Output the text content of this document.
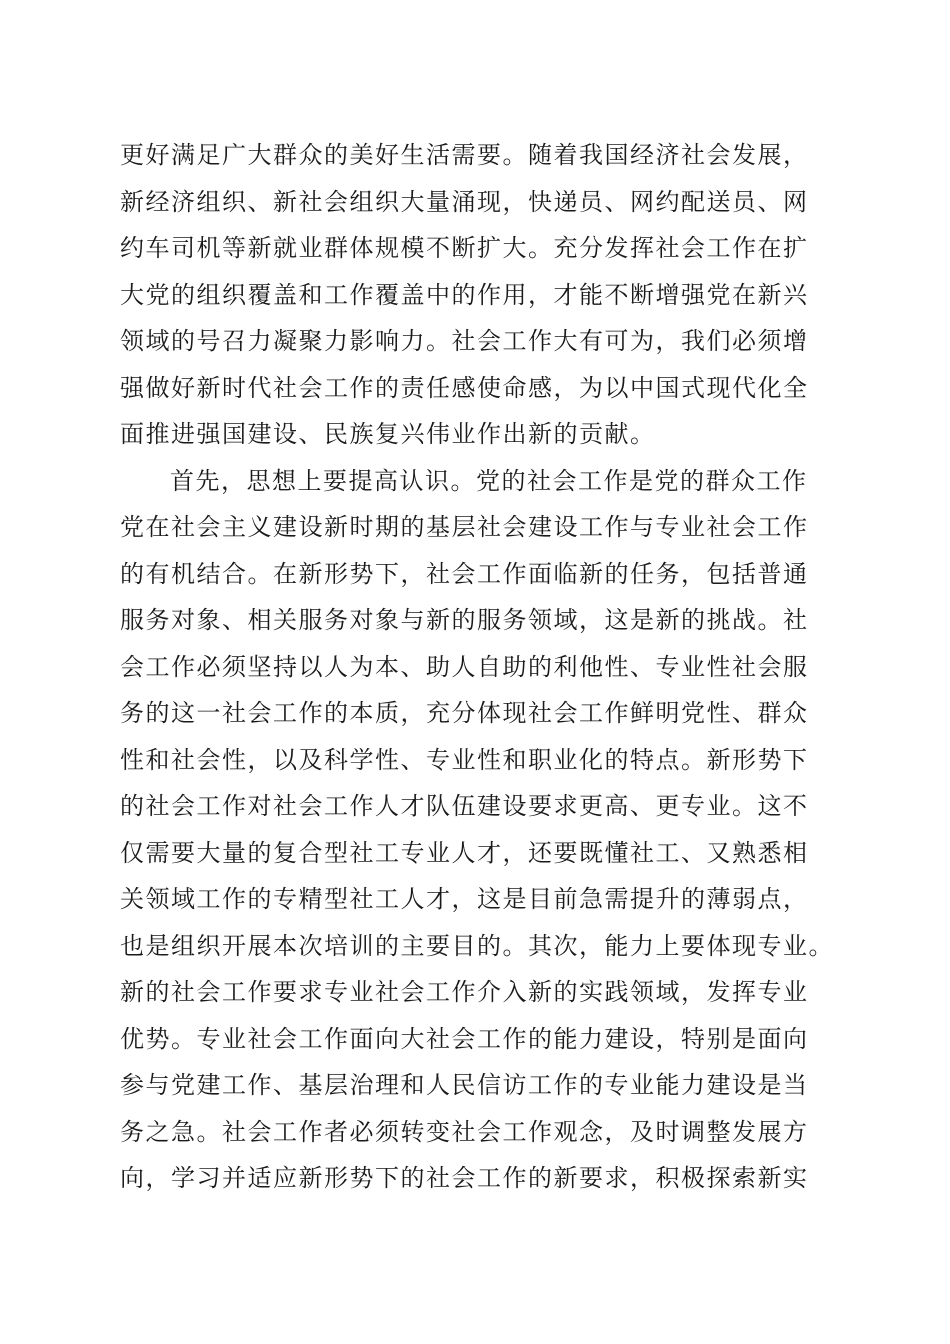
更好满足广大群众的美好生活需要。随着我国经济社会发展，
新经济组织、新社会组织大量涌现，快递员、网约配送员、网
约车司机等新就业群体规模不断扩大。充分发挥社会工作在扩
大党的组织覆盖和工作覆盖中的作用，才能不断增强党在新兴
领域的号召力凝聚力影响力。社会工作大有可为，我们必须增
强做好新时代社会工作的责任感使命感，为以中国式现代化全
面推进强国建设、民族复兴伟业作出新的贡献。
首先，思想上要提高认识。党的社会工作是党的群众工作
党在社会主义建设新时期的基层社会建设工作与专业社会工作
的有机结合。在新形势下，社会工作面临新的任务，包括普通
服务对象、相关服务对象与新的服务领域，这是新的挑战。社
会工作必须坚持以人为本、助人自助的利他性、专业性社会服
务的这一社会工作的本质，充分体现社会工作鲜明党性、群众
性和社会性，以及科学性、专业性和职业化的特点。新形势下
的社会工作对社会工作人才队伍建设要求更高、更专业。这不
仅需要大量的复合型社工专业人才，还要既懂社工、又熟悉相
关领域工作的专精型社工人才，这是目前急需提升的薄弱点，
也是组织开展本次培训的主要目的。其次，能力上要体现专业。
新的社会工作要求专业社会工作介入新的实践领域，发挥专业
优势。专业社会工作面向大社会工作的能力建设，特别是面向
参与党建工作、基层治理和人民信访工作的专业能力建设是当
务之急。社会工作者必须转变社会工作观念，及时调整发展方
向，学习并适应新形势下的社会工作的新要求，积极探索新实
